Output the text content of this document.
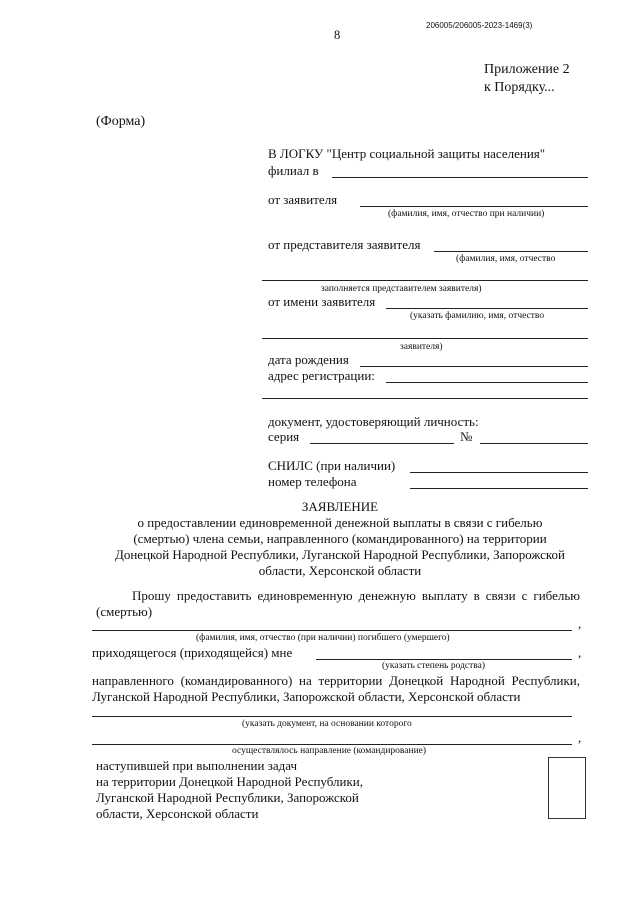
8
206005/206005-2023-1469(3)
Приложение 2
к Порядку...
(Форма)
В ЛОГКУ "Центр социальной защиты населения"
филиал в
от заявителя
(фамилия, имя, отчество при наличии)
от представителя заявителя
(фамилия, имя, отчество
заполняется представителем заявителя)
от имени заявителя
(указать фамилию, имя, отчество
заявителя)
дата рождения
адрес регистрации:
документ, удостоверяющий личность:
серия	№
СНИЛС (при наличии)
номер телефона
ЗАЯВЛЕНИЕ
о предоставлении единовременной денежной выплаты в связи с гибелью
(смертью) члена семьи, направленного (командированного) на территории
Донецкой Народной Республики, Луганской Народной Республики, Запорожской
области, Херсонской области
Прошу предоставить единовременную денежную выплату в связи с гибелью
(смертью)
,
(фамилия, имя, отчество (при наличии) погибшего (умершего)
приходящегося (приходящейся) мне	,
(указать степень родства)
направленного (командированного) на территории Донецкой Народной Республики,
Луганской Народной Республики, Запорожской области, Херсонской области
(указать документ, на основании которого
,
осуществлялось направление (командирование)
наступившей при выполнении задач
на территории Донецкой Народной Республики,
Луганской Народной Республики, Запорожской
области, Херсонской области
